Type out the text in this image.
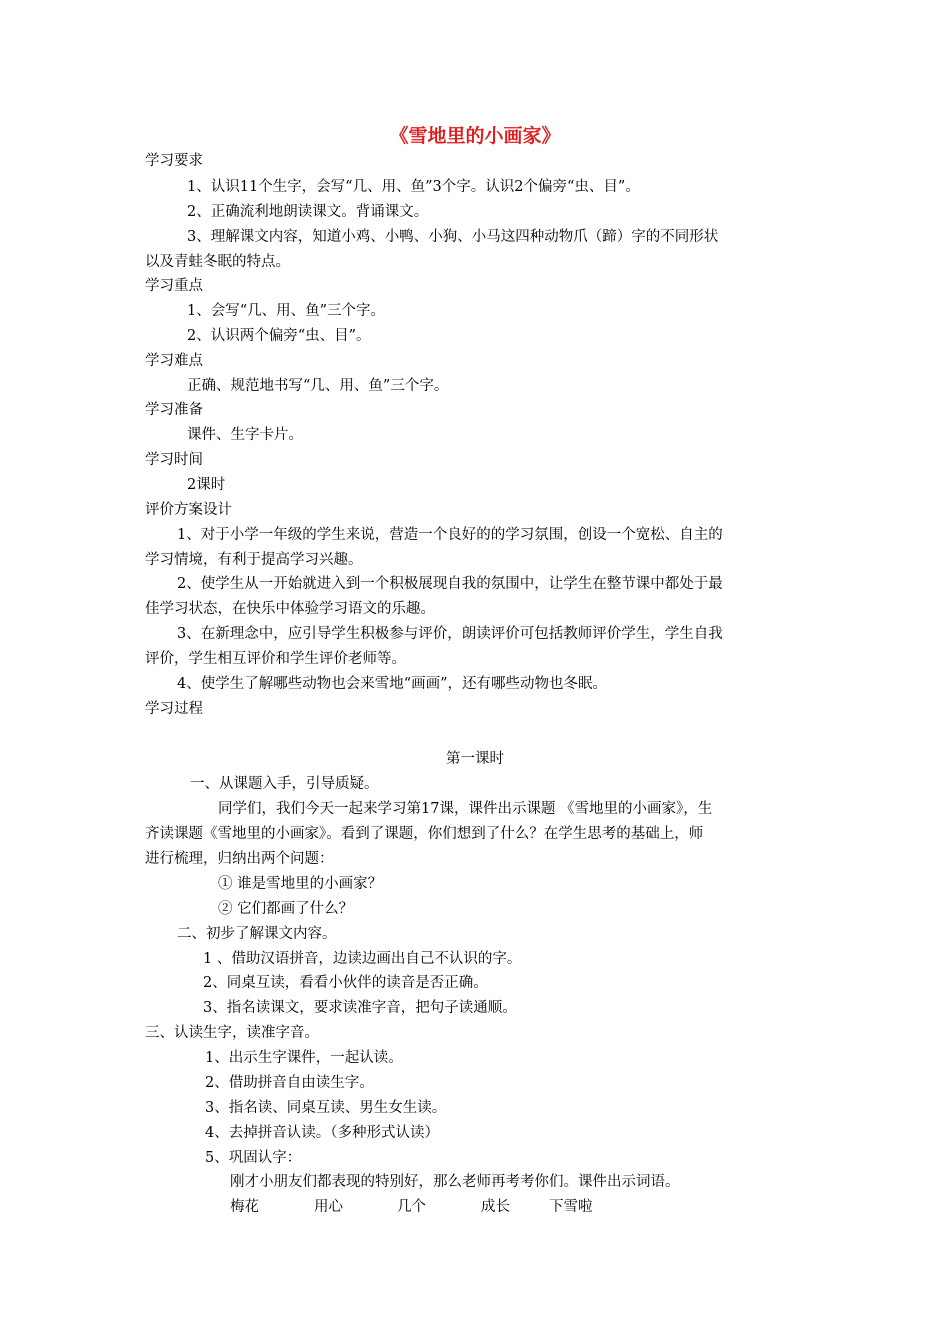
《雪地里的小画家》
学习要求
1、认识11个生字，会写“几、用、鱼”3个字。认识2个偏旁“虫、目”。
2、正确流利地朗读课文。背诵课文。
3、理解课文内容，知道小鸡、小鸭、小狗、小马这四种动物爪（蹄）字的不同形状
以及青蛙冬眠的特点。
学习重点
1、会写“几、用、鱼”三个字。
2、认识两个偏旁“虫、目”。
学习难点
正确、规范地书写“几、用、鱼”三个字。
学习准备
课件、生字卡片。
学习时间
2课时
评价方案设计
1、对于小学一年级的学生来说，营造一个良好的的学习氛围，创设一个宽松、自主的
学习情境，有利于提高学习兴趣。
2、使学生从一开始就进入到一个积极展现自我的氛围中，让学生在整节课中都处于最
佳学习状态，在快乐中体验学习语文的乐趣。
3、在新理念中，应引导学生积极参与评价，朗读评价可包括教师评价学生，学生自我
评价，学生相互评价和学生评价老师等。
4、使学生了解哪些动物也会来雪地“画画”，还有哪些动物也冬眠。
学习过程
第一课时
一、从课题入手，引导质疑。
同学们，我们今天一起来学习第17课，课件出示课题 《雪地里的小画家》，生
齐读课题《雪地里的小画家》。看到了课题，你们想到了什么？在学生思考的基础上，师
进行梳理，归纳出两个问题：
① 谁是雪地里的小画家？
② 它们都画了什么？
二、初步了解课文内容。
1 、借助汉语拼音，边读边画出自己不认识的字。
2、同桌互读，看看小伙伴的读音是否正确。
3、指名读课文，要求读准字音，把句子读通顺。
三、认读生字，读准字音。
1、出示生字课件，一起认读。
2、借助拼音自由读生字。
3、指名读、同桌互读、男生女生读。
4、去掉拼音认读。（多种形式认读）
5、巩固认字：
刚才小朋友们都表现的特别好，那么老师再考考你们。课件出示词语。
梅花	用心	几个	成长	下雪啦
